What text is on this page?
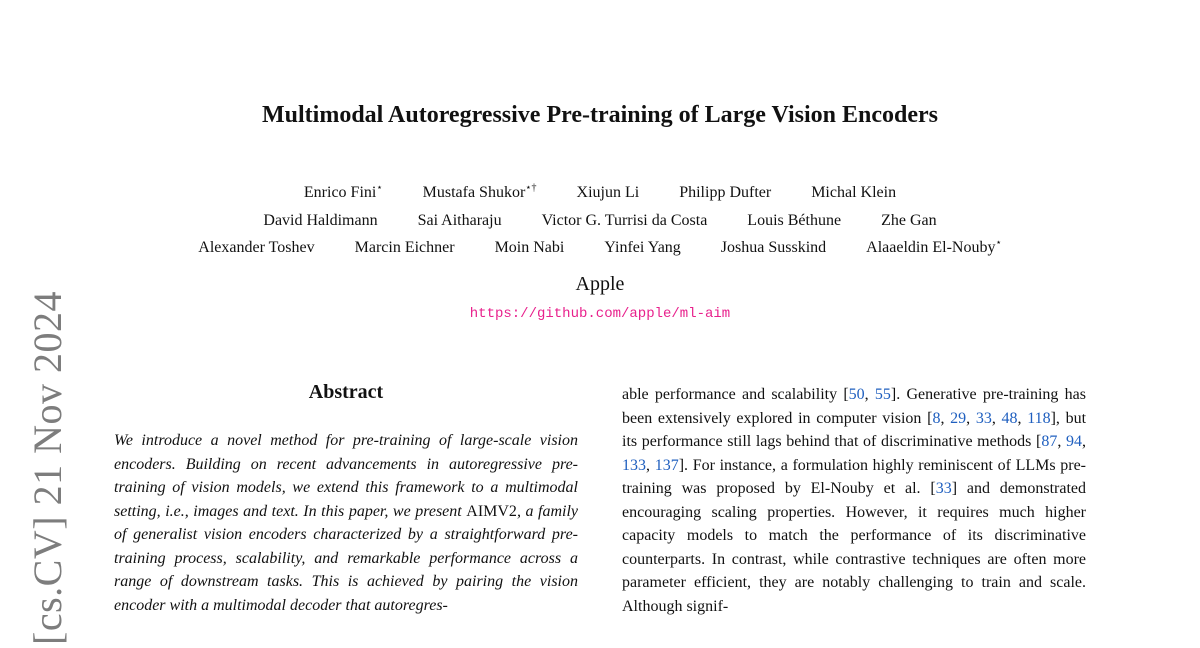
Multimodal Autoregressive Pre-training of Large Vision Encoders
Enrico Fini⋆	Mustafa Shukor⋆†	Xiujun Li	Philipp Dufter	Michal Klein
David Haldimann	Sai Aitharaju	Victor G. Turrisi da Costa	Louis Béthune	Zhe Gan
Alexander Toshev	Marcin Eichner	Moin Nabi	Yinfei Yang	Joshua Susskind	Alaaeldin El-Nouby⋆
Apple
https://github.com/apple/ml-aim
[cs.CV] 21 Nov 2024	Abstract

We introduce a novel method for pre-training of large-scale vision encoders. Building on recent advancements in autoregressive pre-training of vision models, we extend this framework to a multimodal setting, i.e., images and text. In this paper, we present AIMV2, a family of generalist vision encoders characterized by a straightforward pre-training process, scalability, and remarkable performance across a range of downstream tasks. This is achieved by pairing the vision encoder with a multimodal decoder that autoregres-

able performance and scalability [50, 55]. Generative pre-training has been extensively explored in computer vision [8, 29, 33, 48, 118], but its performance still lags behind that of discriminative methods [87, 94, 133, 137]. For instance, a formulation highly reminiscent of LLMs pre-training was proposed by El-Nouby et al. [33] and demonstrated encouraging scaling properties. However, it requires much higher capacity models to match the performance of its discriminative counterparts. In contrast, while contrastive techniques are often more parameter efficient, they are notably challenging to train and scale. Although signif-
